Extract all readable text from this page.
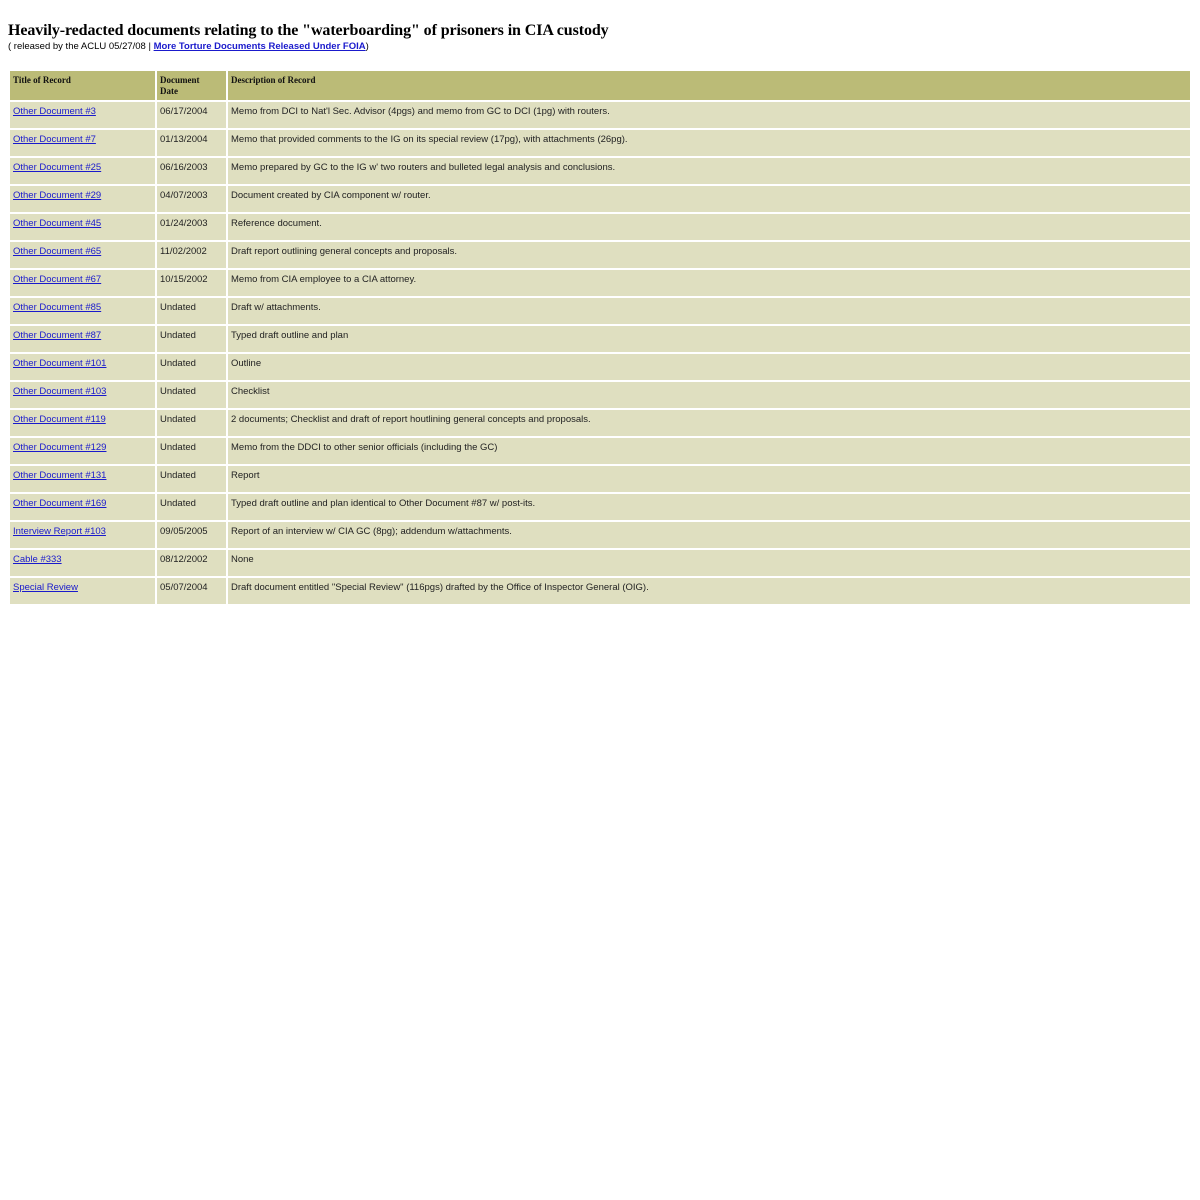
Heavily-redacted documents relating to the "waterboarding" of prisoners in CIA custody
( released by the ACLU 05/27/08 | More Torture Documents Released Under FOIA)
Title of Record	Document Date	Description of Record
Other Document #3	06/17/2004	Memo from DCI to Nat'l Sec. Advisor (4pgs) and memo from GC to DCI (1pg) with routers.
Other Document #7	01/13/2004	Memo that provided comments to the IG on its special review (17pg), with attachments (26pg).
Other Document #25	06/16/2003	Memo prepared by GC to the IG w' two routers and bulleted legal analysis and conclusions.
Other Document #29	04/07/2003	Document created by CIA component w/ router.
Other Document #45	01/24/2003	Reference document.
Other Document #65	11/02/2002	Draft report outlining general concepts and proposals.
Other Document #67	10/15/2002	Memo from CIA employee to a CIA attorney.
Other Document #85	Undated	Draft w/ attachments.
Other Document #87	Undated	Typed draft outline and plan
Other Document #101	Undated	Outline
Other Document #103	Undated	Checklist
Other Document #119	Undated	2 documents; Checklist and draft of report houtlining general concepts and proposals.
Other Document #129	Undated	Memo from the DDCI to other senior officials (including the GC)
Other Document #131	Undated	Report
Other Document #169	Undated	Typed draft outline and plan identical to Other Document #87 w/ post-its.
Interview Report #103	09/05/2005	Report of an interview w/ CIA GC (8pg); addendum w/attachments.
Cable #333	08/12/2002	None
Special Review	05/07/2004	Draft document entitled "Special Review" (116pgs) drafted by the Office of Inspector General (OIG).
